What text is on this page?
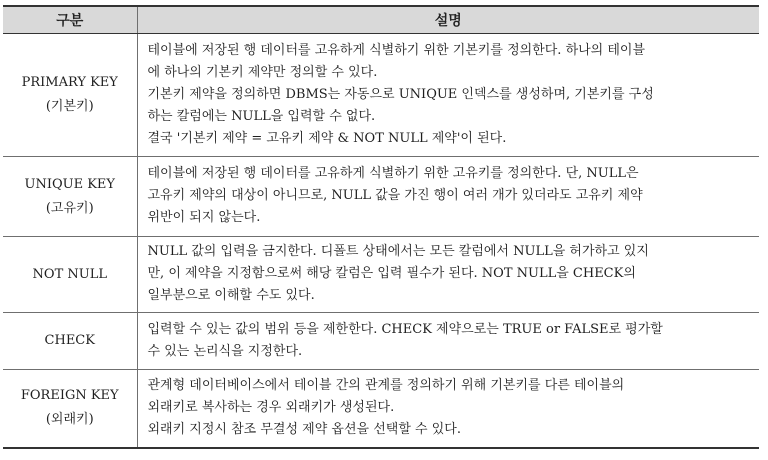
구분	설명

PRIMARY KEY
(기본키)	테이블에 저장된 행 데이터를 고유하게 식별하기 위한 기본키를 정의한다. 하나의 테이블
에 하나의 기본키 제약만 정의할 수 있다.
기본키 제약을 정의하면 DBMS는 자동으로 UNIQUE 인덱스를 생성하며, 기본키를 구성
하는 칼럼에는 NULL을 입력할 수 없다.
결국 '기본키 제약 = 고유키 제약 & NOT NULL 제약'이 된다.

UNIQUE KEY
(고유키)	테이블에 저장된 행 데이터를 고유하게 식별하기 위한 고유키를 정의한다. 단, NULL은
고유키 제약의 대상이 아니므로, NULL 값을 가진 행이 여러 개가 있더라도 고유키 제약
위반이 되지 않는다.

NOT NULL	NULL 값의 입력을 금지한다. 디폴트 상태에서는 모든 칼럼에서 NULL을 허가하고 있지
만, 이 제약을 지정함으로써 해당 칼럼은 입력 필수가 된다. NOT NULL을 CHECK의
일부분으로 이해할 수도 있다.

CHECK	입력할 수 있는 값의 범위 등을 제한한다. CHECK 제약으로는 TRUE or FALSE로 평가할
수 있는 논리식을 지정한다.

FOREIGN KEY
(외래키)	관계형 데이터베이스에서 테이블 간의 관계를 정의하기 위해 기본키를 다른 테이블의
외래키로 복사하는 경우 외래키가 생성된다.
외래키 지정시 참조 무결성 제약 옵션을 선택할 수 있다.
